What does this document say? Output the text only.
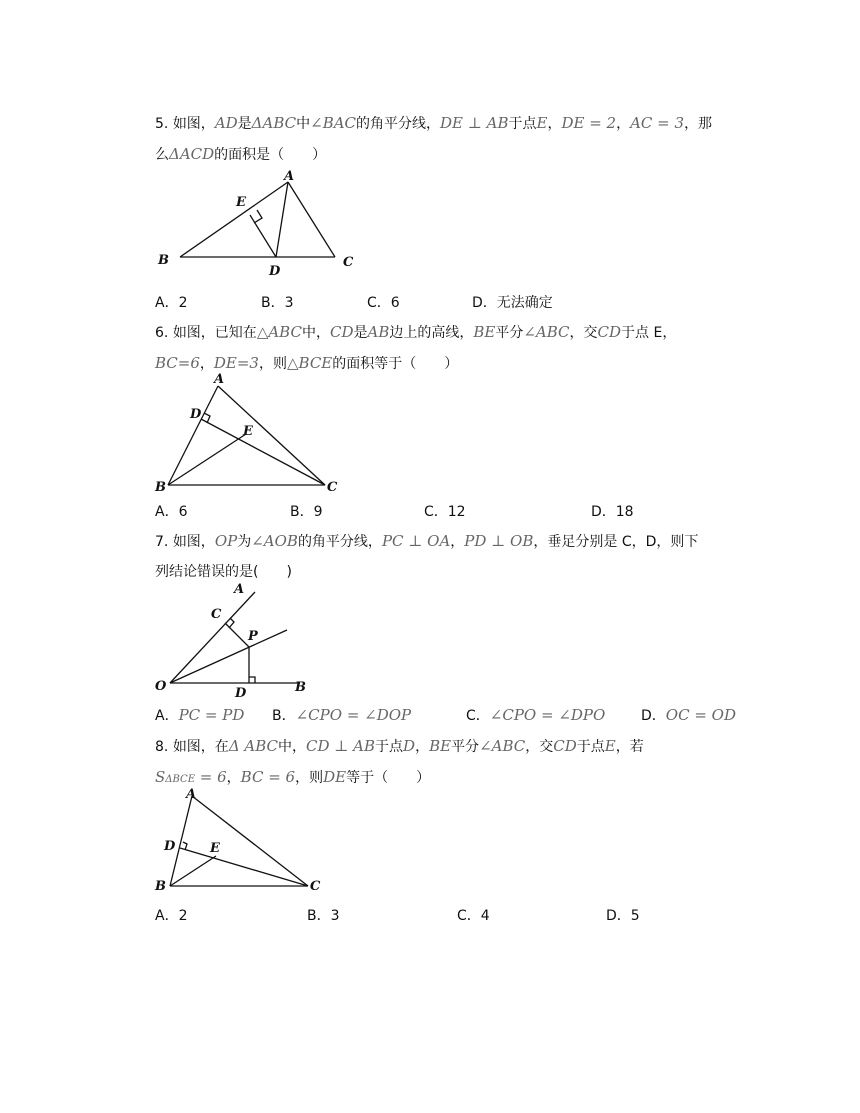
5. 如图，AD是ΔABC中∠BAC的角平分线，DE ⊥ AB于点E，DE = 2，AC = 3，那
么ΔACD的面积是（　　）
A
E
B
D
C
A．2	B．3	C．6	D．无法确定
6. 如图，已知在△ABC中，CD是AB边上的高线，BE平分∠ABC，交CD于点 E，
BC=6，DE=3，则△BCE的面积等于（　　）
A
D
E
B	C
A．6	B．9	C．12	D．18
7. 如图，OP为∠AOB的角平分线，PC ⊥ OA，PD ⊥ OB，垂足分别是 C，D，则下
列结论错误的是(　　)
A
C
P
O	D	B
A．PC = PD B．∠CPO = ∠DOP	C．∠CPO = ∠DPO	D．OC = OD
8. 如图，在Δ ABC中，CD ⊥ AB于点D，BE平分∠ABC，交CD于点E，若
SΔBCE = 6，BC = 6，则DE等于（　　）
A
D	E
B	C
A．2	B．3	C．4	D．5
